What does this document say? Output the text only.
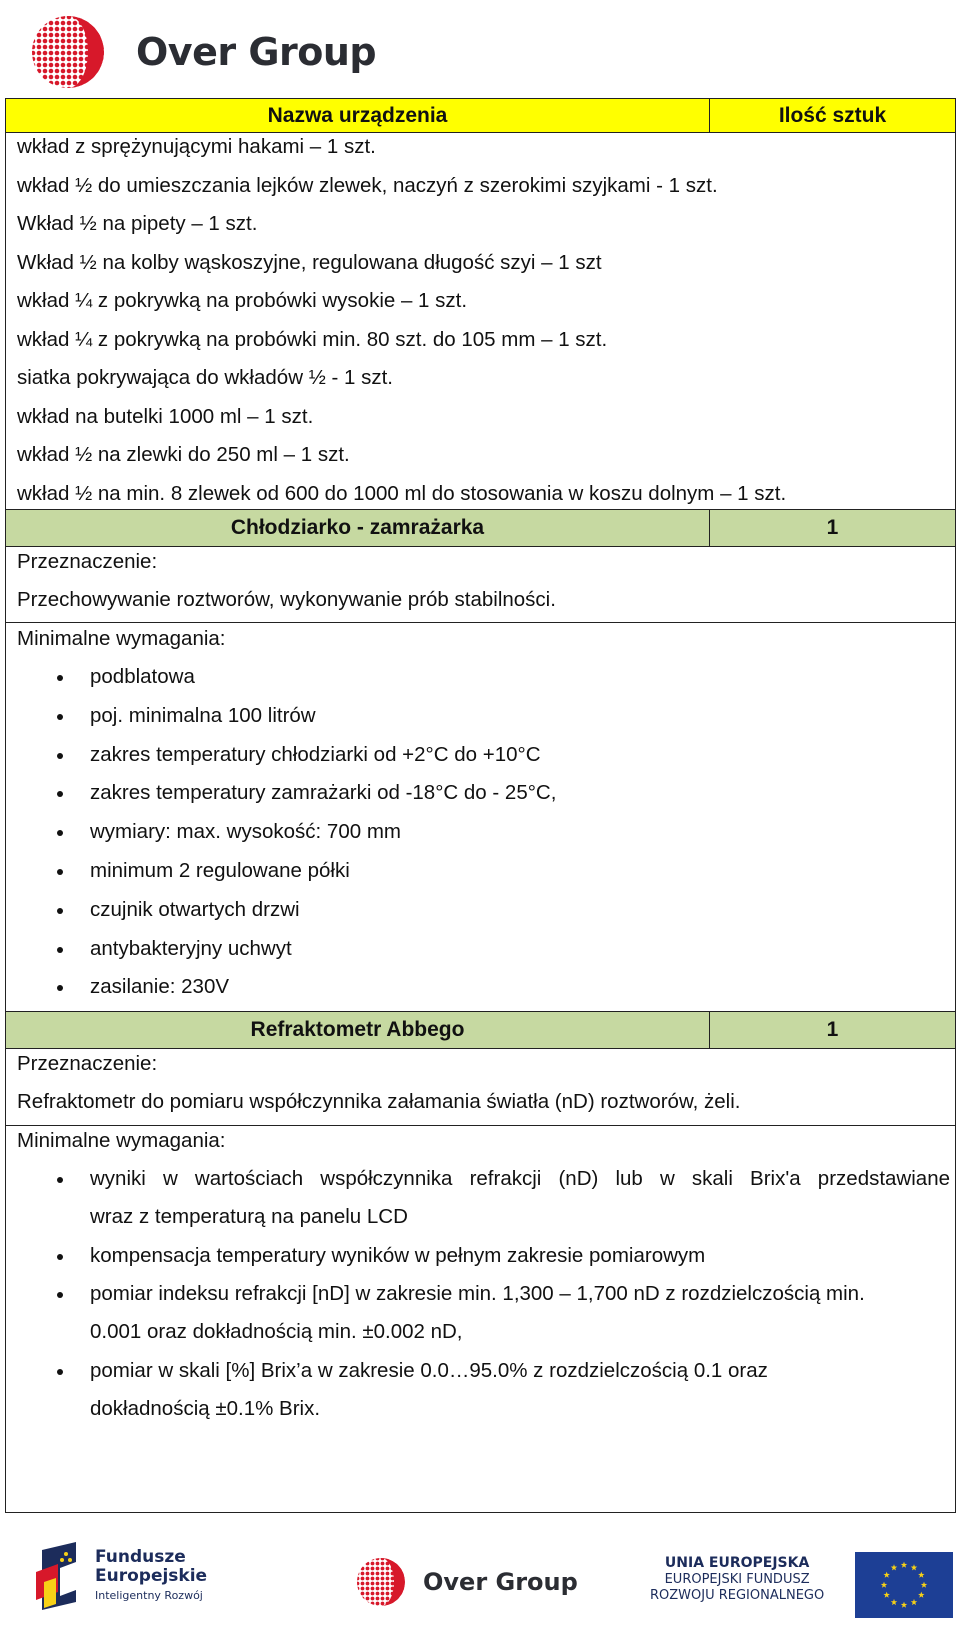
Over Group
Nazwa urządzenia	Ilość sztuk
wkład z sprężynującymi hakami – 1 szt.
wkład ½ do umieszczania lejków zlewek, naczyń z szerokimi szyjkami - 1 szt.
Wkład ½ na pipety – 1 szt.
Wkład ½ na kolby wąskoszyjne, regulowana długość szyi – 1 szt
wkład ¼ z pokrywką na probówki wysokie – 1 szt.
wkład ¼ z pokrywką na probówki min. 80 szt. do 105 mm – 1 szt.
siatka pokrywająca do wkładów ½ - 1 szt.
wkład na butelki 1000 ml – 1 szt.
wkład ½ na zlewki do 250 ml – 1 szt.
wkład ½ na min. 8 zlewek od 600 do 1000 ml do stosowania w koszu dolnym – 1 szt.
Chłodziarko - zamrażarka	1
Przeznaczenie:
Przechowywanie roztworów, wykonywanie prób stabilności.
Minimalne wymagania:
podblatowa
poj. minimalna 100 litrów
zakres temperatury chłodziarki od +2°C do +10°C
zakres temperatury zamrażarki od -18°C do - 25°C,
wymiary: max. wysokość: 700 mm
minimum 2 regulowane półki
czujnik otwartych drzwi
antybakteryjny uchwyt
zasilanie: 230V
Refraktometr Abbego	1
Przeznaczenie:
Refraktometr do pomiaru współczynnika załamania światła (nD) roztworów, żeli.
Minimalne wymagania:
wyniki w wartościach współczynnika refrakcji (nD) lub w skali Brix'a przedstawiane
wraz z temperaturą na panelu LCD
kompensacja temperatury wyników w pełnym zakresie pomiarowym
pomiar indeksu refrakcji [nD] w zakresie min. 1,300 – 1,700 nD z rozdzielczością min.
0.001 oraz dokładnością min. ±0.002 nD,
pomiar w skali [%] Brix’a w zakresie 0.0…95.0% z rozdzielczością 0.1 oraz
dokładnością ±0.1% Brix.
Fundusze
Europejskie
Inteligentny Rozwój	Over Group
UNIA EUROPEJSKA
EUROPEJSKI FUNDUSZ
ROZWOJU REGIONALNEGO
